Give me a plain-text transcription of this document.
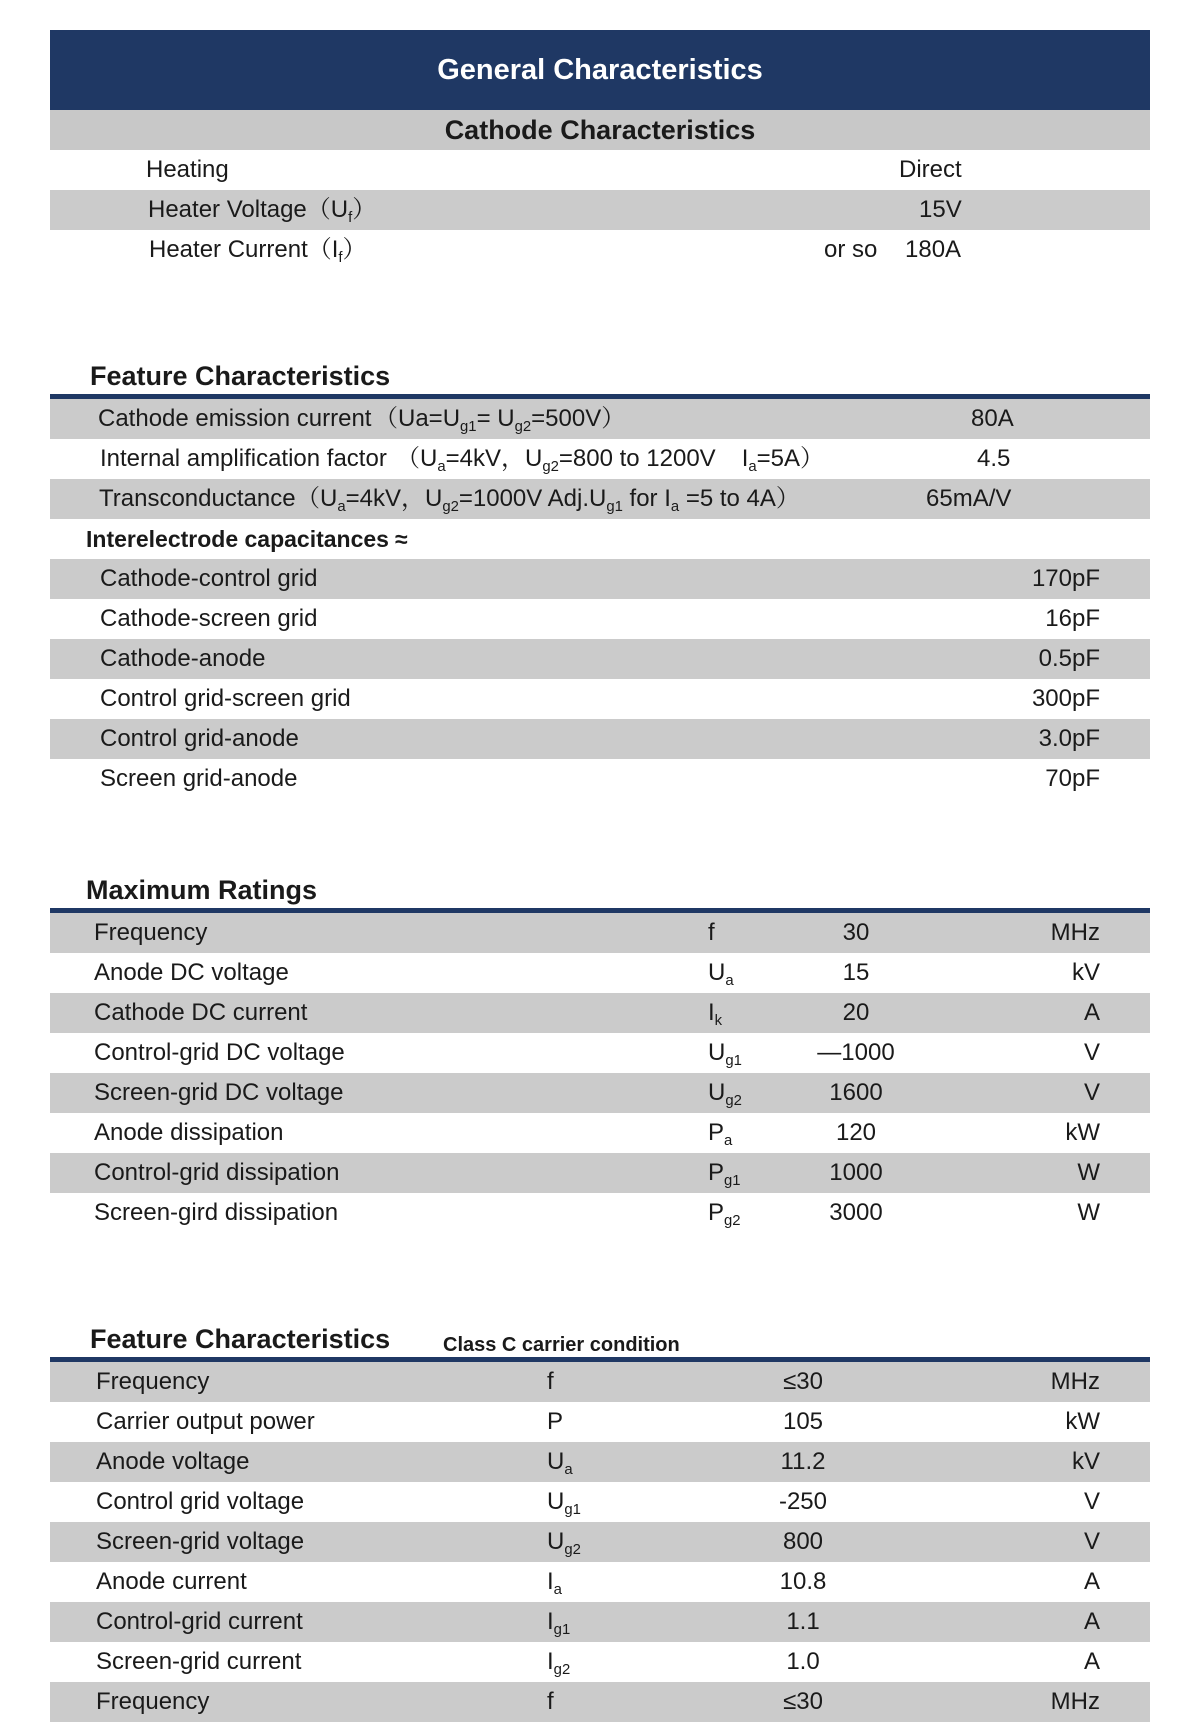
General Characteristics
Cathode Characteristics
Heating	Direct
Heater $Voltage(U_f)$	15V
Heater $Current(I_f)$	or so 180A
Feature Characteristics
Cathode emission current $(Ua=U_{g1}= U_{g2}=500V)$	80A
Internal amplification factor （$U_a=4kV$，$U_{g2}=800$ to 1200V $I_a=5A$）	4.5
Transconductance （$U_a=4kV$，$U_{g2}=1000V$ $Adj.U_{g1}$ for $I_a =5$ to 4A）	65mA/V
Interelectrode capacitances ≈
Cathode-control grid	170pF
Cathode-screen grid	16pF
Cathode-anode	0.5pF
Control grid-screen grid	300pF
Control grid-anode	3.0pF
Screen grid-anode	70pF
Maximum Ratings
Frequency	f	30	MHz
Anode DC voltage	$U_a$	15	kV
Cathode DC current	$I_k$	20	A
Control-grid DC voltage	$U_{g1}$	—1000	V
Screen-grid DC voltage	$U_{g2}$	1600	V
Anode dissipation	$P_a$	120	kW
Control-grid dissipation	$P_{g1}$	1000	W
Screen-gird dissipation	$P_{g2}$	3000	W
Feature Characteristics	Class C carrier condition
Frequency	f	≤30	MHz
Carrier output power	P	105	kW
Anode voltage	$U_a$	11.2	kV
Control grid voltage	$U_{g1}$	-250	V
Screen-grid voltage	$U_{g2}$	800	V
Anode current	$I_a$	10.8	A
Control-grid current	$I_{g1}$	1.1	A
Screen-grid current	$I_{g2}$	1.0	A
Frequency	f	≤30	MHz
